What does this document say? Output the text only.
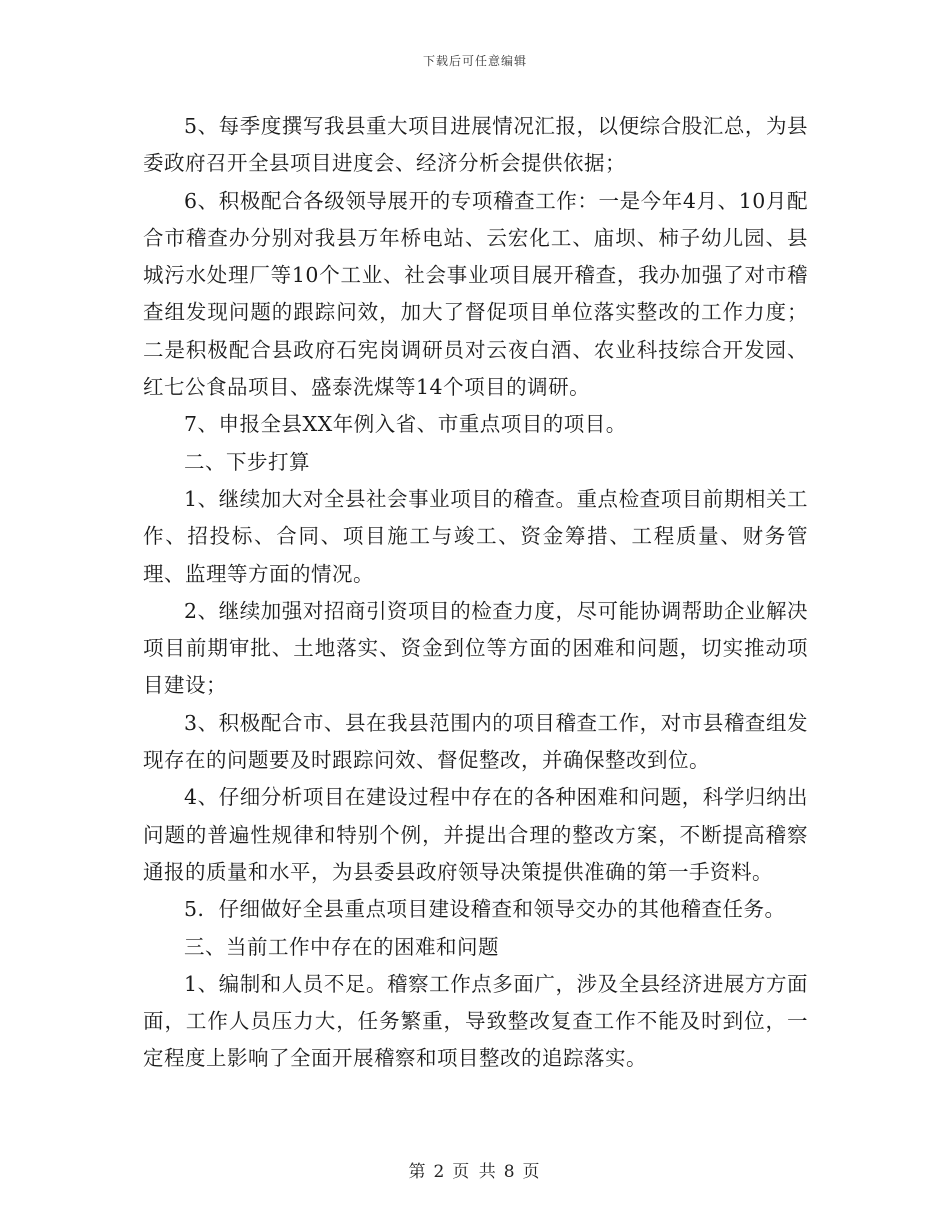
下载后可任意编辑

5、每季度撰写我县重大项目进展情况汇报，以便综合股汇总，为县委政府召开全县项目进度会、经济分析会提供依据；

6、积极配合各级领导展开的专项稽查工作：一是今年4月、10月配合市稽查办分别对我县万年桥电站、云宏化工、庙坝、柿子幼儿园、县城污水处理厂等10个工业、社会事业项目展开稽查，我办加强了对市稽查组发现问题的跟踪问效，加大了督促项目单位落实整改的工作力度；二是积极配合县政府石宪岗调研员对云夜白酒、农业科技综合开发园、红七公食品项目、盛泰洗煤等14个项目的调研。

7、申报全县XX年例入省、市重点项目的项目。

二、下步打算

1、继续加大对全县社会事业项目的稽查。重点检查项目前期相关工作、招投标、合同、项目施工与竣工、资金筹措、工程质量、财务管理、监理等方面的情况。

2、继续加强对招商引资项目的检查力度，尽可能协调帮助企业解决项目前期审批、土地落实、资金到位等方面的困难和问题，切实推动项目建设；

3、积极配合市、县在我县范围内的项目稽查工作，对市县稽查组发现存在的问题要及时跟踪问效、督促整改，并确保整改到位。

4、仔细分析项目在建设过程中存在的各种困难和问题，科学归纳出问题的普遍性规律和特别个例，并提出合理的整改方案，不断提高稽察通报的质量和水平，为县委县政府领导决策提供准确的第一手资料。

5．仔细做好全县重点项目建设稽查和领导交办的其他稽查任务。

三、当前工作中存在的困难和问题

1、编制和人员不足。稽察工作点多面广，涉及全县经济进展方方面面，工作人员压力大，任务繁重，导致整改复查工作不能及时到位，一定程度上影响了全面开展稽察和项目整改的追踪落实。

第 2 页 共 8 页
